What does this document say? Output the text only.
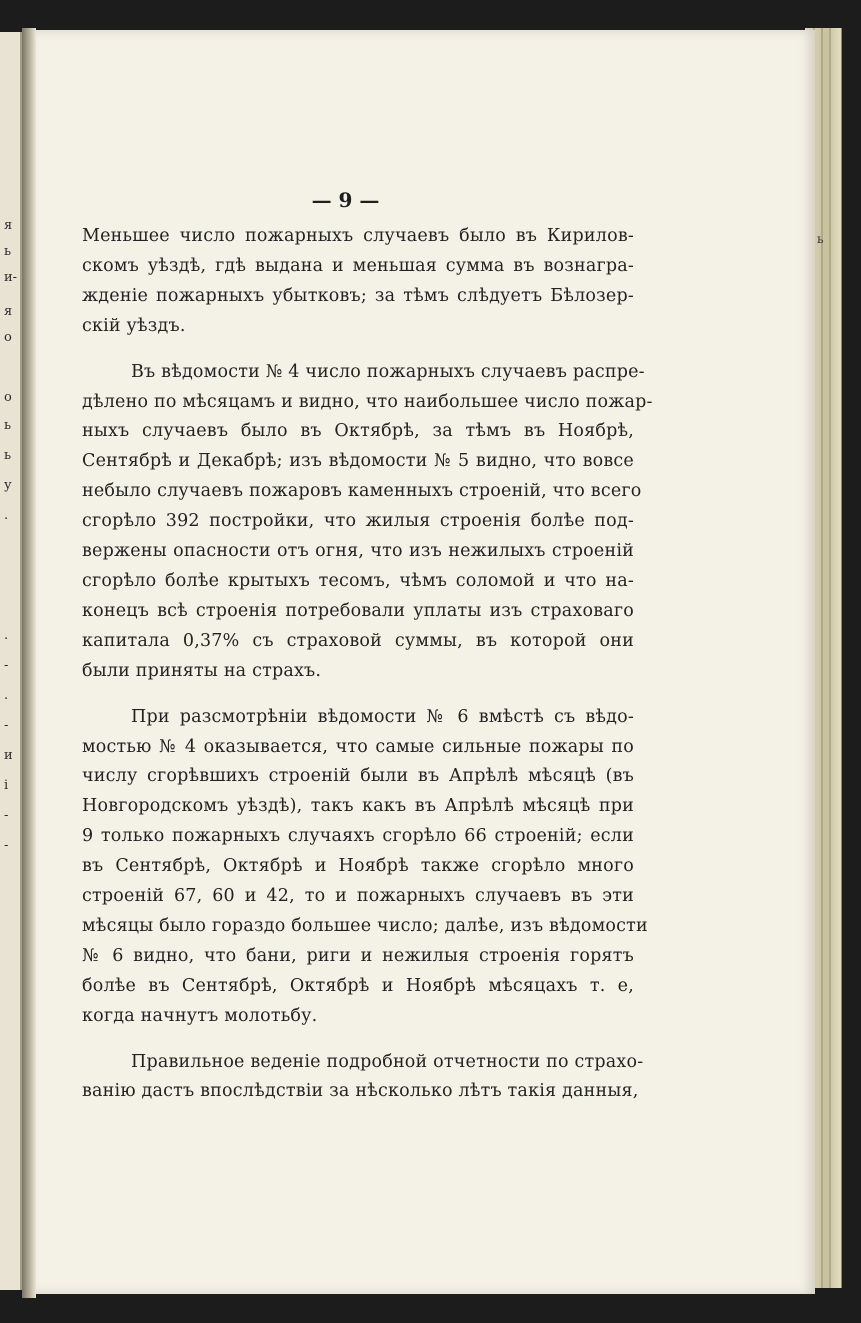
я
ь
и-
я
о
о
ь
ь
у
.
.
-
.
-
и
і
-
-
— 9 —
Меньшее число пожарныхъ случаевъ было въ Кирилов-
скомъ уѣздѣ, гдѣ выдана и меньшая сумма въ вознагра-
жденіе пожарныхъ убытковъ; за тѣмъ слѣдуетъ Бѣлозер-
скій уѣздъ.
Въ вѣдомости № 4 число пожарныхъ случаевъ распре-
дѣлено по мѣсяцамъ и видно, что наибольшее число пожар-
ныхъ случаевъ было въ Октябрѣ, за тѣмъ въ Ноябрѣ,
Сентябрѣ и Декабрѣ; изъ вѣдомости № 5 видно, что вовсе
небыло случаевъ пожаровъ каменныхъ строеній, что всего
сгорѣло 392 постройки, что жилыя строенія болѣе под-
вержены опасности отъ огня, что изъ нежилыхъ строеній
сгорѣло болѣе крытыхъ тесомъ, чѣмъ соломой и что на-
конецъ всѣ строенія потребовали уплаты изъ страховаго
капитала 0,37% съ страховой суммы, въ которой они
были приняты на страхъ.
При разсмотрѣніи вѣдомости № 6 вмѣстѣ съ вѣдо-
мостью № 4 оказывается, что самые сильные пожары по
числу сгорѣвшихъ строеній были въ Апрѣлѣ мѣсяцѣ (въ
Новгородскомъ уѣздѣ), такъ какъ въ Апрѣлѣ мѣсяцѣ при
9 только пожарныхъ случаяхъ сгорѣло 66 строеній; если
въ Сентябрѣ, Октябрѣ и Ноябрѣ также сгорѣло много
строеній 67, 60 и 42, то и пожарныхъ случаевъ въ эти
мѣсяцы было гораздо большее число; далѣе, изъ вѣдомости
№ 6 видно, что бани, риги и нежилыя строенія горятъ
болѣе въ Сентябрѣ, Октябрѣ и Ноябрѣ мѣсяцахъ т. е,
когда начнутъ молотьбу.
Правильное веденіе подробной отчетности по страхо-
ванію дастъ впослѣдствіи за нѣсколько лѣтъ такія данныя,
ь
